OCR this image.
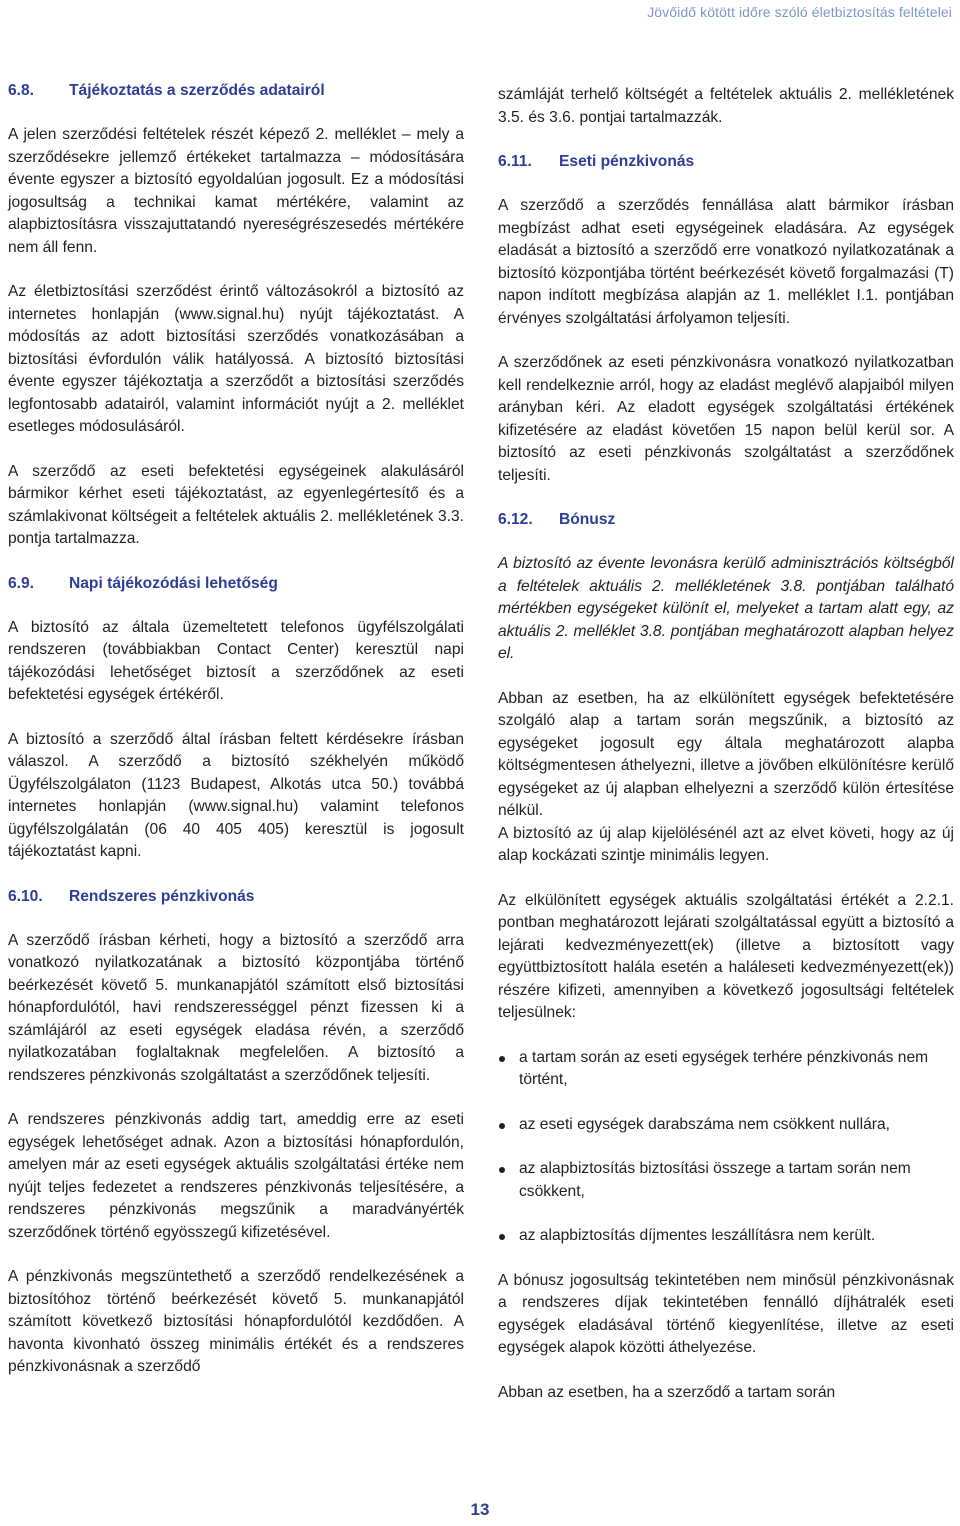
Jövőidő kötött időre szóló életbiztosítás feltételei
6.8.	Tájékoztatás a szerződés adatairól

A jelen szerződési feltételek részét képező 2. melléklet – mely a szerződésekre jellemző értékeket tartalmazza – módosítására évente egyszer a biztosító egyoldalúan jogosult. Ez a módosítási jogosultság a technikai kamat mértékére, valamint az alapbiztosításra visszajuttatandó nyereségrészesedés mértékére nem áll fenn.

Az életbiztosítási szerződést érintő változásokról a biztosító az internetes honlapján (www.signal.hu) nyújt tájékoztatást. A módosítás az adott biztosítási szerződés vonatkozásában a biztosítási évfordulón válik hatályossá. A biztosító biztosítási évente egyszer tájékoztatja a szerződőt a biztosítási szerződés legfontosabb adatairól, valamint információt nyújt a 2. melléklet esetleges módosulásáról.

A szerződő az eseti befektetési egységeinek alakulásáról bármikor kérhet eseti tájékoztatást, az egyenlegértesítő és a számlakivonat költségeit a feltételek aktuális 2. mellékletének 3.3. pontja tartalmazza.

6.9.	Napi tájékozódási lehetőség

A biztosító az általa üzemeltetett telefonos ügyfélszolgálati rendszeren (továbbiakban Contact Center) keresztül napi tájékozódási lehetőséget biztosít a szerződőnek az eseti befektetési egységek értékéről.

A biztosító a szerződő által írásban feltett kérdésekre írásban válaszol. A szerződő a biztosító székhelyén működő Ügyfélszolgálaton (1123 Budapest, Alkotás utca 50.) továbbá internetes honlapján (www.signal.hu) valamint telefonos ügyfélszolgálatán (06 40 405 405) keresztül is jogosult tájékoztatást kapni.

6.10.	Rendszeres pénzkivonás

A szerződő írásban kérheti, hogy a biztosító a szerződő arra vonatkozó nyilatkozatának a biztosító központjába történő beérkezését követő 5. munkanapjától számított első biztosítási hónapfordulótól, havi rendszerességgel pénzt fizessen ki a számlájáról az eseti egységek eladása révén, a szerződő nyilatkozatában foglaltaknak megfelelően. A biztosító a rendszeres pénzkivonás szolgáltatást a szerződőnek teljesíti.

A rendszeres pénzkivonás addig tart, ameddig erre az eseti egységek lehetőséget adnak. Azon a biztosítási hónapfordulón, amelyen már az eseti egységek aktuális szolgáltatási értéke nem nyújt teljes fedezetet a rendszeres pénzkivonás teljesítésére, a rendszeres pénzkivonás megszűnik a maradványérték szerződőnek történő egyösszegű kifizetésével.

A pénzkivonás megszüntethető a szerződő rendelkezésének a biztosítóhoz történő beérkezését követő 5. munkanapjától számított következő biztosítási hónapfordulótól kezdődően. A havonta kivonható összeg minimális értékét és a rendszeres pénzkivonásnak a szerződő

számláját terhelő költségét a feltételek aktuális 2. mellékletének 3.5. és 3.6. pontjai tartalmazzák.

6.11.	Eseti pénzkivonás

A szerződő a szerződés fennállása alatt bármikor írásban megbízást adhat eseti egységeinek eladására. Az egységek eladását a biztosító a szerződő erre vonatkozó nyilatkozatának a biztosító központjába történt beérkezését követő forgalmazási (T) napon indított megbízása alapján az 1. melléklet I.1. pontjában érvényes szolgáltatási árfolyamon teljesíti.

A szerződőnek az eseti pénzkivonásra vonatkozó nyilatkozatban kell rendelkeznie arról, hogy az eladást meglévő alapjaiból milyen arányban kéri. Az eladott egységek szolgáltatási értékének kifizetésére az eladást követően 15 napon belül kerül sor. A biztosító az eseti pénzkivonás szolgáltatást a szerződőnek teljesíti.

6.12.	Bónusz

A biztosító az évente levonásra kerülő adminisztrációs költségből a feltételek aktuális 2. mellékletének 3.8. pontjában található mértékben egységeket különít el, melyeket a tartam alatt egy, az aktuális 2. melléklet 3.8. pontjában meghatározott alapban helyez el.

Abban az esetben, ha az elkülönített egységek befektetésére szolgáló alap a tartam során megszűnik, a biztosító az egységeket jogosult egy általa meghatározott alapba költségmentesen áthelyezni, illetve a jövőben elkülönítésre kerülő egységeket az új alapban elhelyezni a szerződő külön értesítése nélkül.

A biztosító az új alap kijelölésénél azt az elvet követi, hogy az új alap kockázati szintje minimális legyen.

Az elkülönített egységek aktuális szolgáltatási értékét a 2.2.1. pontban meghatározott lejárati szolgáltatással együtt a biztosító a lejárati kedvezményezett(ek) (illetve a biztosított vagy együttbiztosított halála esetén a haláleseti kedvezményezett(ek)) részére kifizeti, amennyiben a következő jogosultsági feltételek teljesülnek:

a tartam során az eseti egységek terhére pénzkivonás nem történt,
az eseti egységek darabszáma nem csökkent nullára,
az alapbiztosítás biztosítási összege a tartam során nem csökkent,
az alapbiztosítás díjmentes leszállításra nem került.

A bónusz jogosultság tekintetében nem minősül pénzkivonásnak a rendszeres díjak tekintetében fennálló díjhátralék eseti egységek eladásával történő kiegyenlítése, illetve az eseti egységek alapok közötti áthelyezése.

Abban az esetben, ha a szerződő a tartam során

13
